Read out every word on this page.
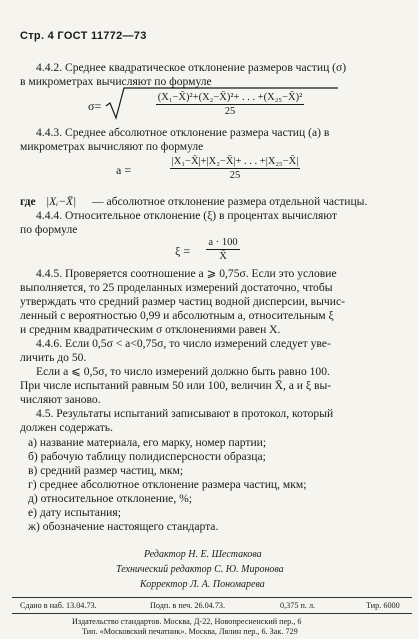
Стр. 4 ГОСТ 11772—73
4.4.2. Среднее квадратическое отклонение размеров частиц (σ)
в микрометрах вычисляют по формуле
σ=	$\frac{\text{(X₁−X̄)²+(X₂−X̄)²+ . . . +(X₂₅−X̄)²}}{25}$
4.4.3. Среднее абсолютное отклонение размера частиц (a) в
микрометрах вычисляют по формуле
$a = \frac{\text{|X₁−X̄|+|X₂−X̄|+ . . . +|X₂₅−X̄|}}{25}$
где |Xᵢ−X̄| — абсолютное отклонение размера отдельной частицы.
4.4.4. Относительное отклонение (ξ) в процентах вычисляют
по формуле
$\xi = \frac{a \cdot 100}{X̄}$
4.4.5. Проверяется соотношение a ⩾ 0,75σ. Если это условие
выполняется, то 25 проделанных измерений достаточно, чтобы
утверждать что средний размер частиц водной дисперсии, вычис-
ленный с вероятностью 0,99 и абсолютным a, относительным ξ
и средним квадратическим σ отклонениями равен X.
4.4.6. Если 0,5σ < a<0,75σ, то число измерений следует уве-
личить до 50.
Если a ⩽ 0,5σ, то число измерений должно быть равно 100.
При числе испытаний равным 50 или 100, величин X̄, a и ξ вы-
числяют заново.
4.5. Результаты испытаний записывают в протокол, который
должен содержать.
а) название материала, его марку, номер партии;
б) рабочую таблицу полидисперсности образца;
в) средний размер частиц, мкм;
г) среднее абсолютное отклонение размера частиц, мкм;
д) относительное отклонение, %;
е) дату испытания;
ж) обозначение настоящего стандарта.
Редактор Н. Е. Шестакова
Технический редактор С. Ю. Миронова
Корректор Л. А. Пономарева
Сдано в наб. 13.04.73.	Подп. в печ. 26.04.73.	0,375 п. л.	Тир. 6000
Издательство стандартов. Москва, Д-22, Новопресненский пер., 6
Тип. «Московский печатник». Москва, Лялин пер., 6. Зак. 729
